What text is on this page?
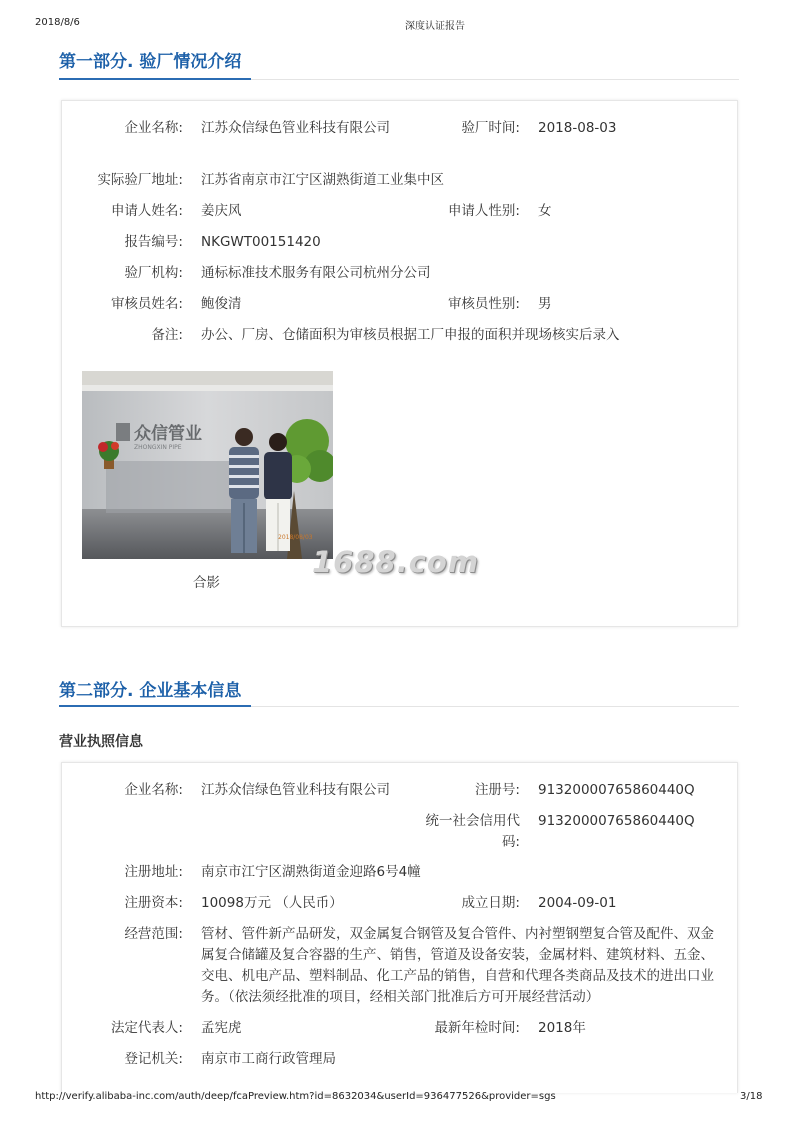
2018/8/6	深度认证报告
第一部分. 验厂情况介绍
企业名称: 江苏众信绿色管业科技有限公司	验厂时间: 2018-08-03
实际验厂地址: 江苏省南京市江宁区湖熟街道工业集中区
申请人姓名: 姜庆风	申请人性别: 女
报告编号: NKGWT00151420
验厂机构: 通标标准技术服务有限公司杭州分公司
审核员姓名: 鲍俊清	审核员性别: 男
备注: 办公、厂房、仓储面积为审核员根据工厂申报的面积并现场核实后录入
众信管业
ZHONGXIN PIPE
2018/08/03
合影
1688.com
第二部分. 企业基本信息
营业执照信息
企业名称: 江苏众信绿色管业科技有限公司	注册号: 91320000765860440Q
统一社会信用代码:
91320000765860440Q
注册地址: 南京市江宁区湖熟街道金迎路6号4幢
注册资本: 10098万元 （人民币）	成立日期: 2004-09-01
经营范围: 管材、管件新产品研发，双金属复合钢管及复合管件、内衬塑钢塑复合管及配件、双金属复合储罐及复合容器的生产、销售，管道及设备安装，金属材料、建筑材料、五金、交电、机电产品、塑料制品、化工产品的销售，自营和代理各类商品及技术的进出口业务。（依法须经批准的项目，经相关部门批准后方可开展经营活动）
法定代表人: 孟宪虎	最新年检时间: 2018年
登记机关: 南京市工商行政管理局
http://verify.alibaba-inc.com/auth/deep/fcaPreview.htm?id=8632034&userId=936477526&provider=sgs	3/18
